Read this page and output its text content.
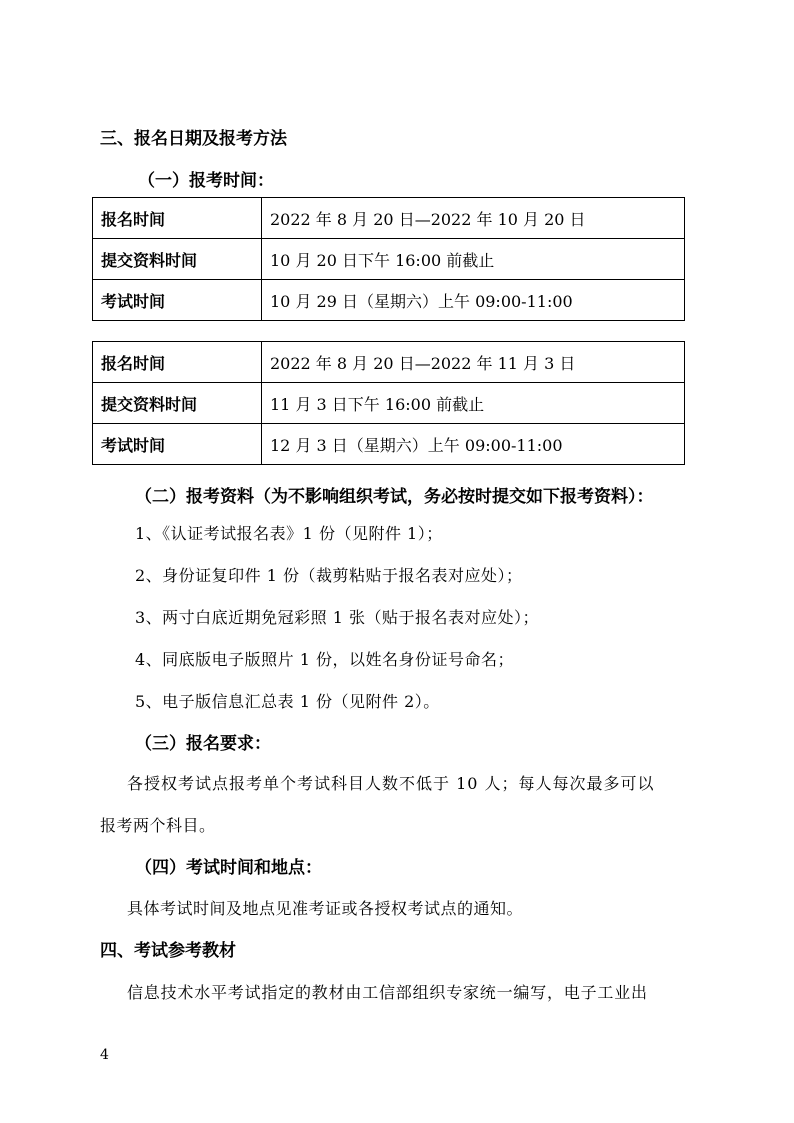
三、报名日期及报考方法
（一）报考时间：
报名时间	2022 年 8 月 20 日—2022 年 10 月 20 日
提交资料时间	10 月 20 日下午 16:00 前截止
考试时间	10 月 29 日（星期六）上午 09:00-11:00
报名时间	2022 年 8 月 20 日—2022 年 11 月 3 日
提交资料时间	11 月 3 日下午 16:00 前截止
考试时间	12 月 3 日（星期六）上午 09:00-11:00
（二）报考资料（为不影响组织考试，务必按时提交如下报考资料）：
1、《认证考试报名表》1 份（见附件 1）；
2、身份证复印件 1 份（裁剪粘贴于报名表对应处）；
3、两寸白底近期免冠彩照 1 张（贴于报名表对应处）；
4、同底版电子版照片 1 份，以姓名身份证号命名；
5、电子版信息汇总表 1 份（见附件 2）。
（三）报名要求：
各授权考试点报考单个考试科目人数不低于 10 人；每人每次最多可以
报考两个科目。
（四）考试时间和地点：
具体考试时间及地点见准考证或各授权考试点的通知。
四、考试参考教材
信息技术水平考试指定的教材由工信部组织专家统一编写，电子工业出
4
